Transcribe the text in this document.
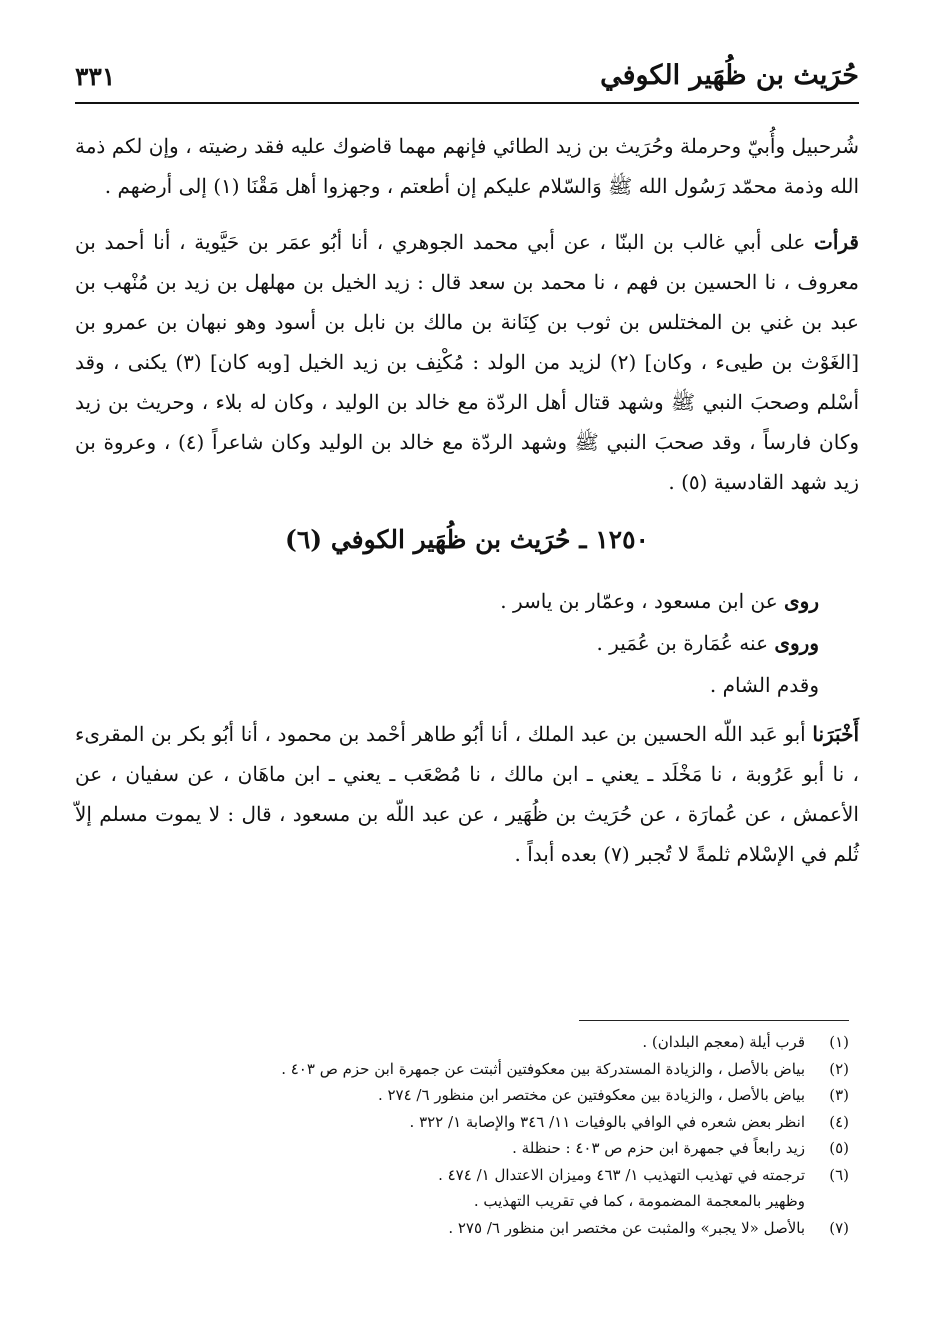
حُرَيث بن ظُهَير الكوفي
٣٣١

شُرحبيل وأُبيّ وحرملة وحُرَيث بن زيد الطائي فإنهم مهما قاضوك عليه فقد رضيته ، وإن لكم ذمة الله وذمة محمّد رَسُول الله ﷺ وَالسّلام عليكم إن أطعتم ، وجهزوا أهل مَقْنَا (١) إلى أرضهم .

قرأت على أبي غالب بن البنّا ، عن أبي محمد الجوهري ، أنا أبُو عمَر بن حَيَّوية ، أنا أحمد بن معروف ، نا الحسين بن فهم ، نا محمد بن سعد قال : زيد الخيل بن مهلهل بن زيد بن مُنْهب بن عبد بن غني بن المختلس بن ثوب بن كِنَانة بن مالك بن نابل بن أسود وهو نبهان بن عمرو بن [الغَوْث بن طيىء ، وكان] (٢) لزيد من الولد : مُكْنِف بن زيد الخيل [وبه كان] (٣) يكنى ، وقد أسْلم وصحبَ النبي ﷺ وشهد قتال أهل الردّة مع خالد بن الوليد ، وكان له بلاء ، وحريث بن زيد وكان فارساً ، وقد صحبَ النبي ﷺ وشهد الردّة مع خالد بن الوليد وكان شاعراً (٤) ، وعروة بن زيد شهد القادسية (٥) .

١٢٥٠ ـ حُرَيث بن ظُهَير الكوفي (٦)

روى عن ابن مسعود ، وعمّار بن ياسر .

وروى عنه عُمَارة بن عُمَير .

وقدم الشام .

أَخْبَرَنا أبو عَبد اللّه الحسين بن عبد الملك ، أنا أبُو طاهر أحْمد بن محمود ، أنا أبُو بكر بن المقرىء ، نا أبو عَرُوبة ، نا مَخْلَد ـ يعني ـ ابن مالك ، نا مُصْعَب ـ يعني ـ ابن ماهَان ، عن سفيان ، عن الأعمش ، عن عُمارَة ، عن حُرَيث بن ظُهَير ، عن عبد اللّه بن مسعود ، قال : لا يموت مسلم إلاّ ثُلم في الإسْلام ثلمةً لا تُجبر (٧) بعده أبداً .

(١)
قرب أيلة (معجم البلدان) .
(٢)
بياض بالأصل ، والزيادة المستدركة بين معكوفتين أثبتت عن جمهرة ابن حزم ص ٤٠٣ .
(٣)
بياض بالأصل ، والزيادة بين معكوفتين عن مختصر ابن منظور ٦/ ٢٧٤ .
(٤)
انظر بعض شعره في الوافي بالوفيات ١١/ ٣٤٦ والإصابة ١/ ٣٢٢ .
(٥)
زيد رابعاً في جمهرة ابن حزم ص ٤٠٣ : حنظلة .
(٦)
ترجمته في تهذيب التهذيب ١/ ٤٦٣ وميزان الاعتدال ١/ ٤٧٤ .
وظهير بالمعجمة المضمومة ، كما في تقريب التهذيب .
(٧)
بالأصل «لا يجبر» والمثبت عن مختصر ابن منظور ٦/ ٢٧٥ .
